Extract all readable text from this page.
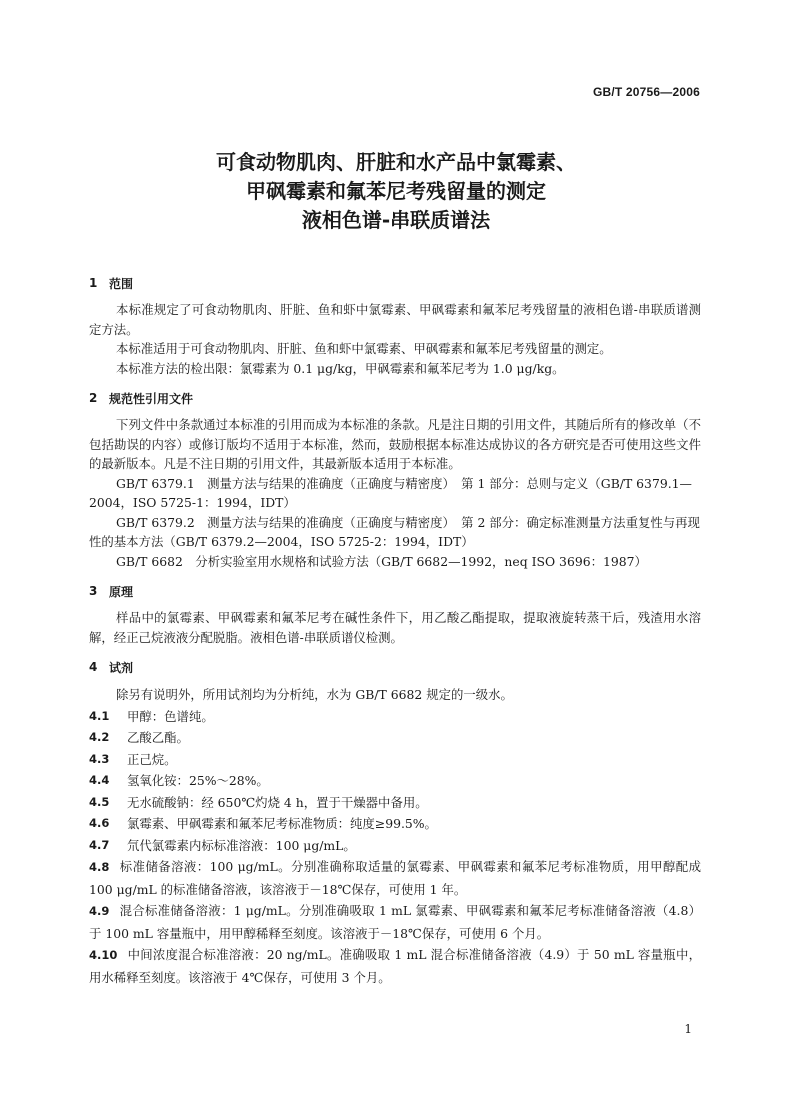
GB/T 20756—2006
可食动物肌肉、肝脏和水产品中氯霉素、
甲砜霉素和氟苯尼考残留量的测定
液相色谱-串联质谱法
1 范围
本标准规定了可食动物肌肉、肝脏、鱼和虾中氯霉素、甲砜霉素和氟苯尼考残留量的液相色谱-串联质谱测定方法。
本标准适用于可食动物肌肉、肝脏、鱼和虾中氯霉素、甲砜霉素和氟苯尼考残留量的测定。
本标准方法的检出限：氯霉素为 0.1 μg/kg，甲砜霉素和氟苯尼考为 1.0 μg/kg。
2 规范性引用文件
下列文件中条款通过本标准的引用而成为本标准的条款。凡是注日期的引用文件，其随后所有的修改单（不包括勘误的内容）或修订版均不适用于本标准，然而，鼓励根据本标准达成协议的各方研究是否可使用这些文件的最新版本。凡是不注日期的引用文件，其最新版本适用于本标准。
GB/T 6379.1　测量方法与结果的准确度（正确度与精密度）　第 1 部分：总则与定义（GB/T 6379.1—2004，ISO 5725-1：1994，IDT）
GB/T 6379.2　测量方法与结果的准确度（正确度与精密度）　第 2 部分：确定标准测量方法重复性与再现性的基本方法（GB/T 6379.2—2004，ISO 5725-2：1994，IDT）
GB/T 6682　分析实验室用水规格和试验方法（GB/T 6682—1992，neq ISO 3696：1987）
3 原理
样品中的氯霉素、甲砜霉素和氟苯尼考在碱性条件下，用乙酸乙酯提取，提取液旋转蒸干后，残渣用水溶解，经正己烷液液分配脱脂。液相色谱-串联质谱仪检测。
4 试剂
除另有说明外，所用试剂均为分析纯，水为 GB/T 6682 规定的一级水。
4.1	甲醇：色谱纯。
4.2	乙酸乙酯。
4.3	正己烷。
4.4	氢氧化铵：25%～28%。
4.5	无水硫酸钠：经 650℃灼烧 4 h，置于干燥器中备用。
4.6	氯霉素、甲砜霉素和氟苯尼考标准物质：纯度≥99.5%。
4.7	氘代氯霉素内标标准溶液：100 μg/mL。
4.8 标准储备溶液：100 μg/mL。分别准确称取适量的氯霉素、甲砜霉素和氟苯尼考标准物质，用甲醇配成 100 μg/mL 的标准储备溶液，该溶液于－18℃保存，可使用 1 年。
4.9 混合标准储备溶液：1 μg/mL。分别准确吸取 1 mL 氯霉素、甲砜霉素和氟苯尼考标准储备溶液（4.8）于 100 mL 容量瓶中，用甲醇稀释至刻度。该溶液于－18℃保存，可使用 6 个月。
4.10 中间浓度混合标准溶液：20 ng/mL。准确吸取 1 mL 混合标准储备溶液（4.9）于 50 mL 容量瓶中，用水稀释至刻度。该溶液于 4℃保存，可使用 3 个月。
1
